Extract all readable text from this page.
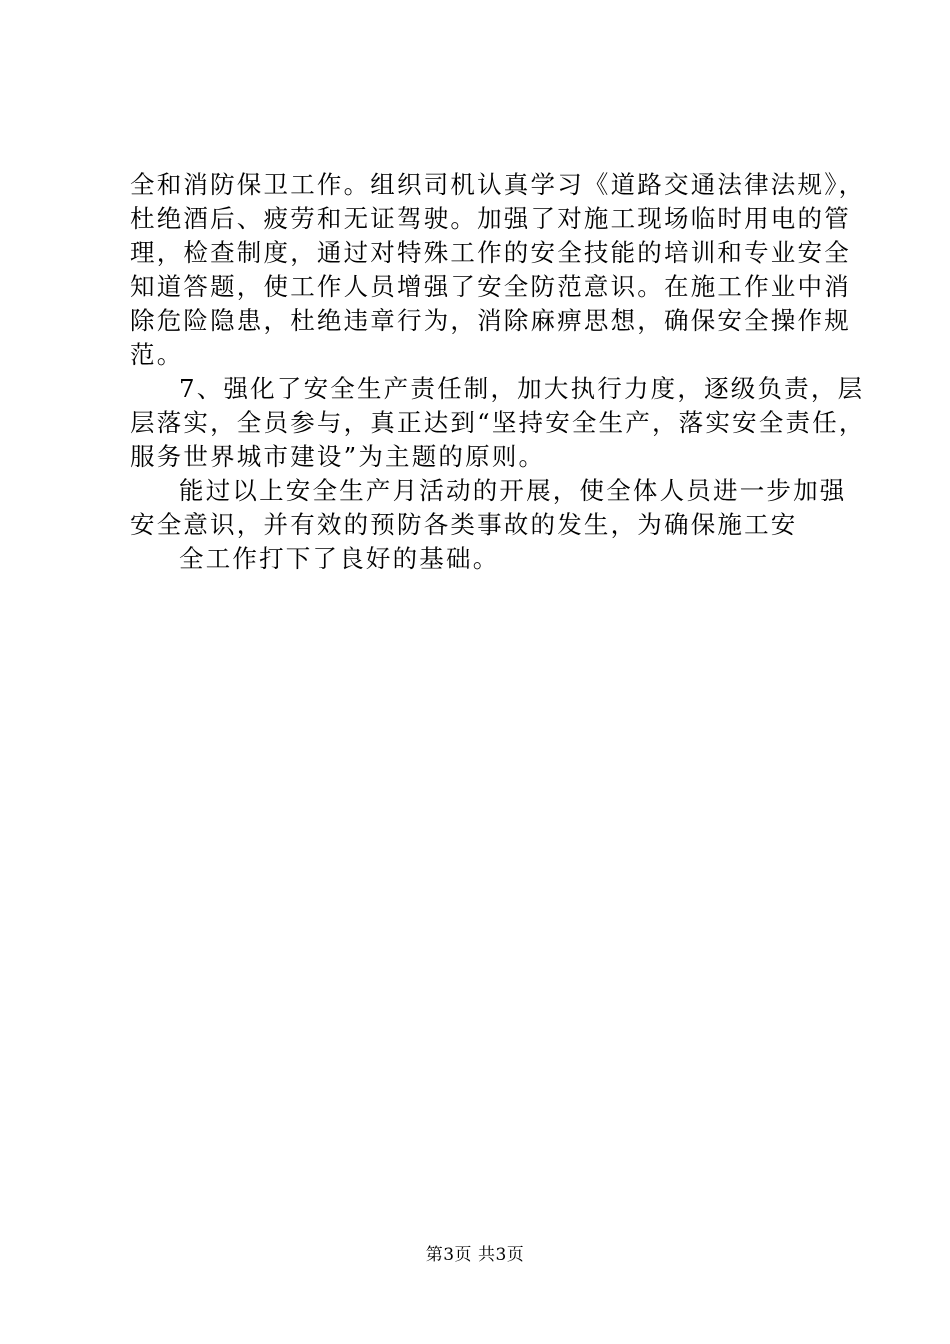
全和消防保卫工作。组织司机认真学习《道路交通法律法规》，
杜绝酒后、疲劳和无证驾驶。加强了对施工现场临时用电的管
理，检查制度，通过对特殊工作的安全技能的培训和专业安全
知道答题，使工作人员增强了安全防范意识。在施工作业中消
除危险隐患，杜绝违章行为，消除麻痹思想，确保安全操作规
范。
7、强化了安全生产责任制，加大执行力度，逐级负责，层
层落实，全员参与，真正达到“坚持安全生产，落实安全责任，
服务世界城市建设”为主题的原则。
能过以上安全生产月活动的开展，使全体人员进一步加强
安全意识，并有效的预防各类事故的发生，为确保施工安
全工作打下了良好的基础。
第3页 共3页
